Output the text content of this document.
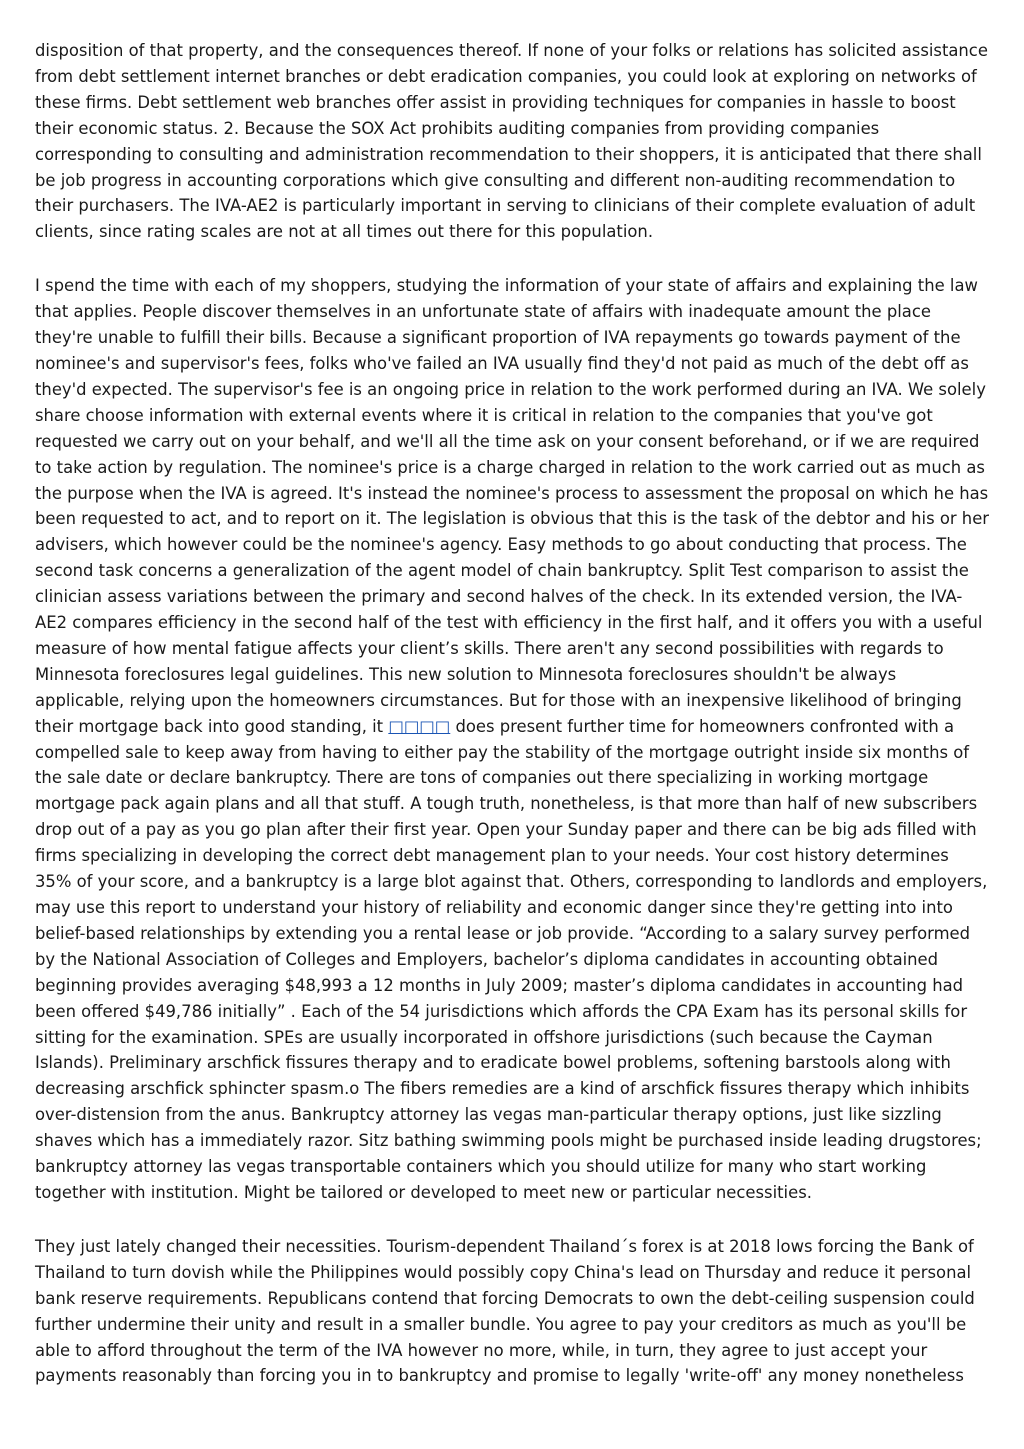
disposition of that property, and the consequences thereof. If none of your folks or relations has solicited assistance from debt settlement internet branches or debt eradication companies, you could look at exploring on networks of these firms. Debt settlement web branches offer assist in providing techniques for companies in hassle to boost their economic status. 2. Because the SOX Act prohibits auditing companies from providing companies corresponding to consulting and administration recommendation to their shoppers, it is anticipated that there shall be job progress in accounting corporations which give consulting and different non-auditing recommendation to their purchasers. The IVA-AE2 is particularly important in serving to clinicians of their complete evaluation of adult clients, since rating scales are not at all times out there for this population.

I spend the time with each of my shoppers, studying the information of your state of affairs and explaining the law that applies. People discover themselves in an unfortunate state of affairs with inadequate amount the place they're unable to fulfill their bills. Because a significant proportion of IVA repayments go towards payment of the nominee's and supervisor's fees, folks who've failed an IVA usually find they'd not paid as much of the debt off as they'd expected. The supervisor's fee is an ongoing price in relation to the work performed during an IVA. We solely share choose information with external events where it is critical in relation to the companies that you've got requested we carry out on your behalf, and we'll all the time ask on your consent beforehand, or if we are required to take action by regulation. The nominee's price is a charge charged in relation to the work carried out as much as the purpose when the IVA is agreed. It's instead the nominee's process to assessment the proposal on which he has been requested to act, and to report on it. The legislation is obvious that this is the task of the debtor and his or her advisers, which however could be the nominee's agency. Easy methods to go about conducting that process. The second task concerns a generalization of the agent model of chain bankruptcy. Split Test comparison to assist the clinician assess variations between the primary and second halves of the check. In its extended version, the IVA-AE2 compares efficiency in the second half of the test with efficiency in the first half, and it offers you with a useful measure of how mental fatigue affects your client’s skills. There aren't any second possibilities with regards to Minnesota foreclosures legal guidelines. This new solution to Minnesota foreclosures shouldn't be always applicable, relying upon the homeowners circumstances. But for those with an inexpensive likelihood of bringing their mortgage back into good standing, it □□□□ does present further time for homeowners confronted with a compelled sale to keep away from having to either pay the stability of the mortgage outright inside six months of the sale date or declare bankruptcy. There are tons of companies out there specializing in working mortgage mortgage pack again plans and all that stuff. A tough truth, nonetheless, is that more than half of new subscribers drop out of a pay as you go plan after their first year. Open your Sunday paper and there can be big ads filled with firms specializing in developing the correct debt management plan to your needs. Your cost history determines 35% of your score, and a bankruptcy is a large blot against that. Others, corresponding to landlords and employers, may use this report to understand your history of reliability and economic danger since they're getting into into belief-based relationships by extending you a rental lease or job provide. “According to a salary survey performed by the National Association of Colleges and Employers, bachelor’s diploma candidates in accounting obtained beginning provides averaging $48,993 a 12 months in July 2009; master’s diploma candidates in accounting had been offered $49,786 initially” . Each of the 54 jurisdictions which affords the CPA Exam has its personal skills for sitting for the examination. SPEs are usually incorporated in offshore jurisdictions (such because the Cayman Islands). Preliminary arschfick fissures therapy and to eradicate bowel problems, softening barstools along with decreasing arschfick sphincter spasm.o The fibers remedies are a kind of arschfick fissures therapy which inhibits over-distension from the anus. Bankruptcy attorney las vegas man-particular therapy options, just like sizzling shaves which has a immediately razor. Sitz bathing swimming pools might be purchased inside leading drugstores; bankruptcy attorney las vegas transportable containers which you should utilize for many who start working together with institution. Might be tailored or developed to meet new or particular necessities.

They just lately changed their necessities. Tourism-dependent Thailand´s forex is at 2018 lows forcing the Bank of Thailand to turn dovish while the Philippines would possibly copy China's lead on Thursday and reduce it personal bank reserve requirements. Republicans contend that forcing Democrats to own the debt-ceiling suspension could further undermine their unity and result in a smaller bundle. You agree to pay your creditors as much as you'll be able to afford throughout the term of the IVA however no more, while, in turn, they agree to just accept your payments reasonably than forcing you in to bankruptcy and promise to legally 'write-off' any money nonetheless
